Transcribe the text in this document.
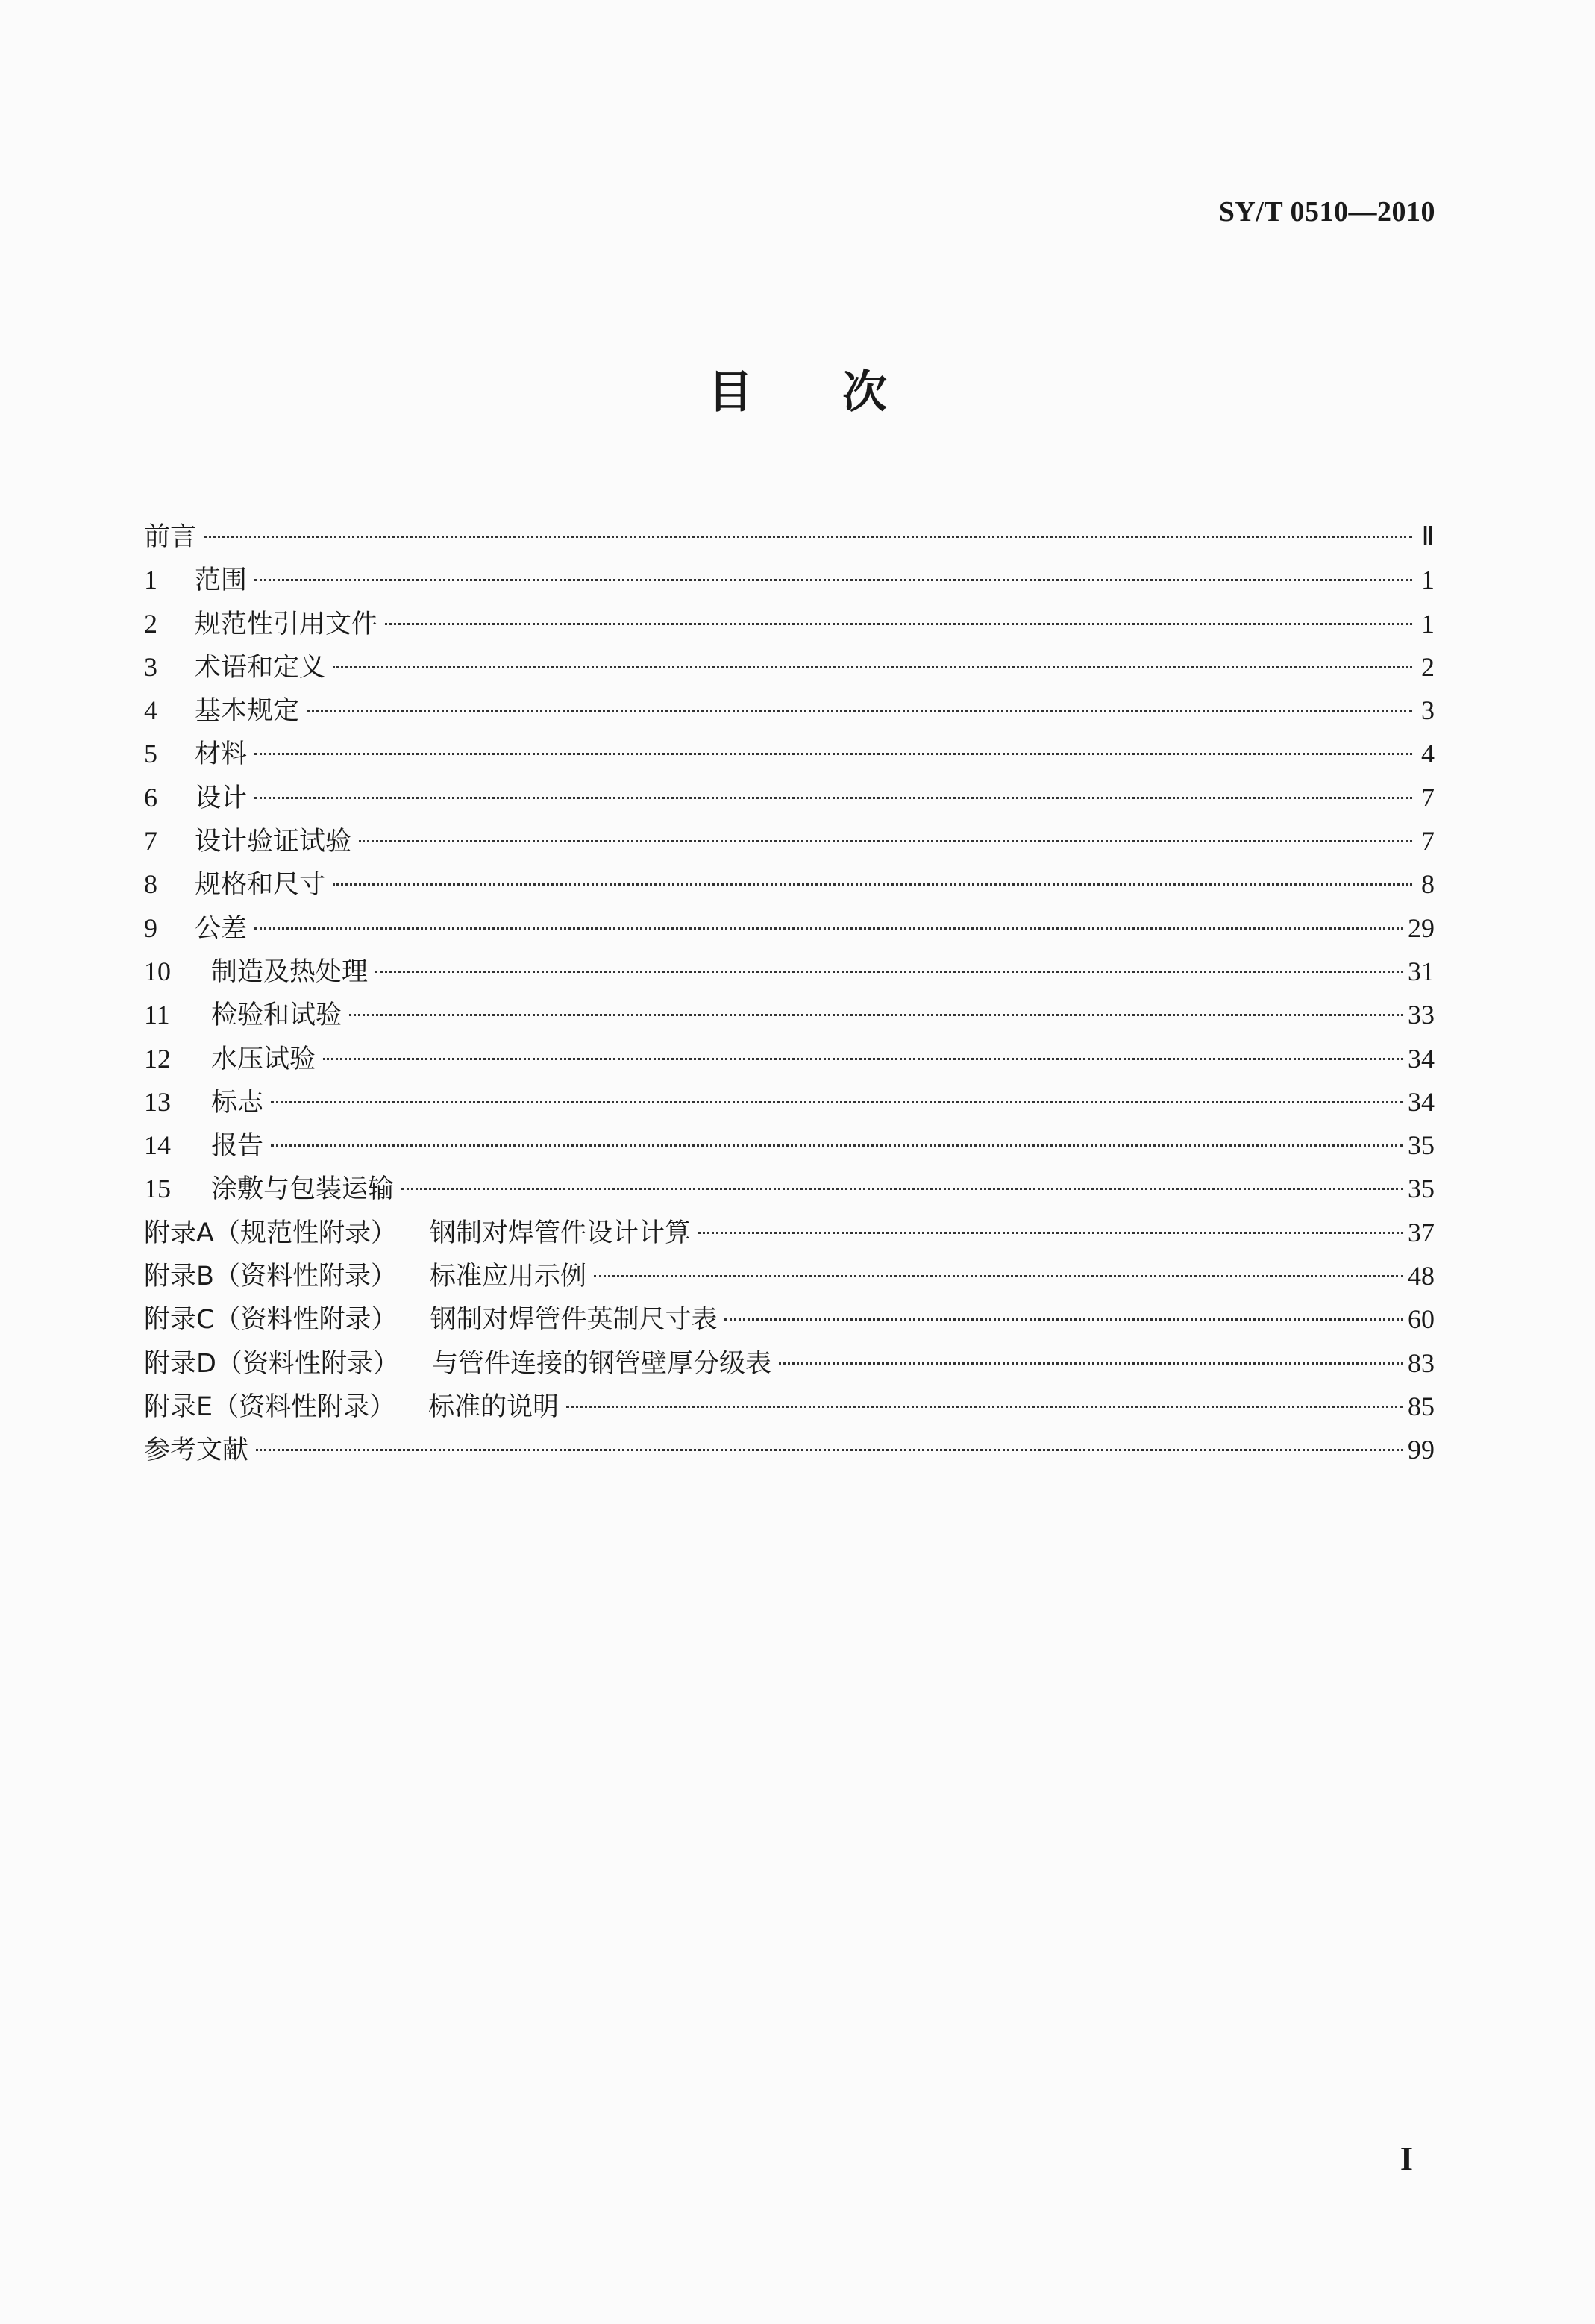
SY/T 0510—2010
目 次
前言	Ⅱ
1	范围	1
2	规范性引用文件	1
3	术语和定义	2
4	基本规定	3
5	材料	4
6	设计	7
7	设计验证试验	7
8	规格和尺寸	8
9	公差	29
10	制造及热处理	31
11	检验和试验	33
12	水压试验	34
13	标志	34
14	报告	35
15	涂敷与包装运输	35
附录A（规范性附录） 钢制对焊管件设计计算	37
附录B（资料性附录） 标准应用示例	48
附录C（资料性附录） 钢制对焊管件英制尺寸表	60
附录D（资料性附录） 与管件连接的钢管壁厚分级表	83
附录E（资料性附录） 标准的说明	85
参考文献	99
I
